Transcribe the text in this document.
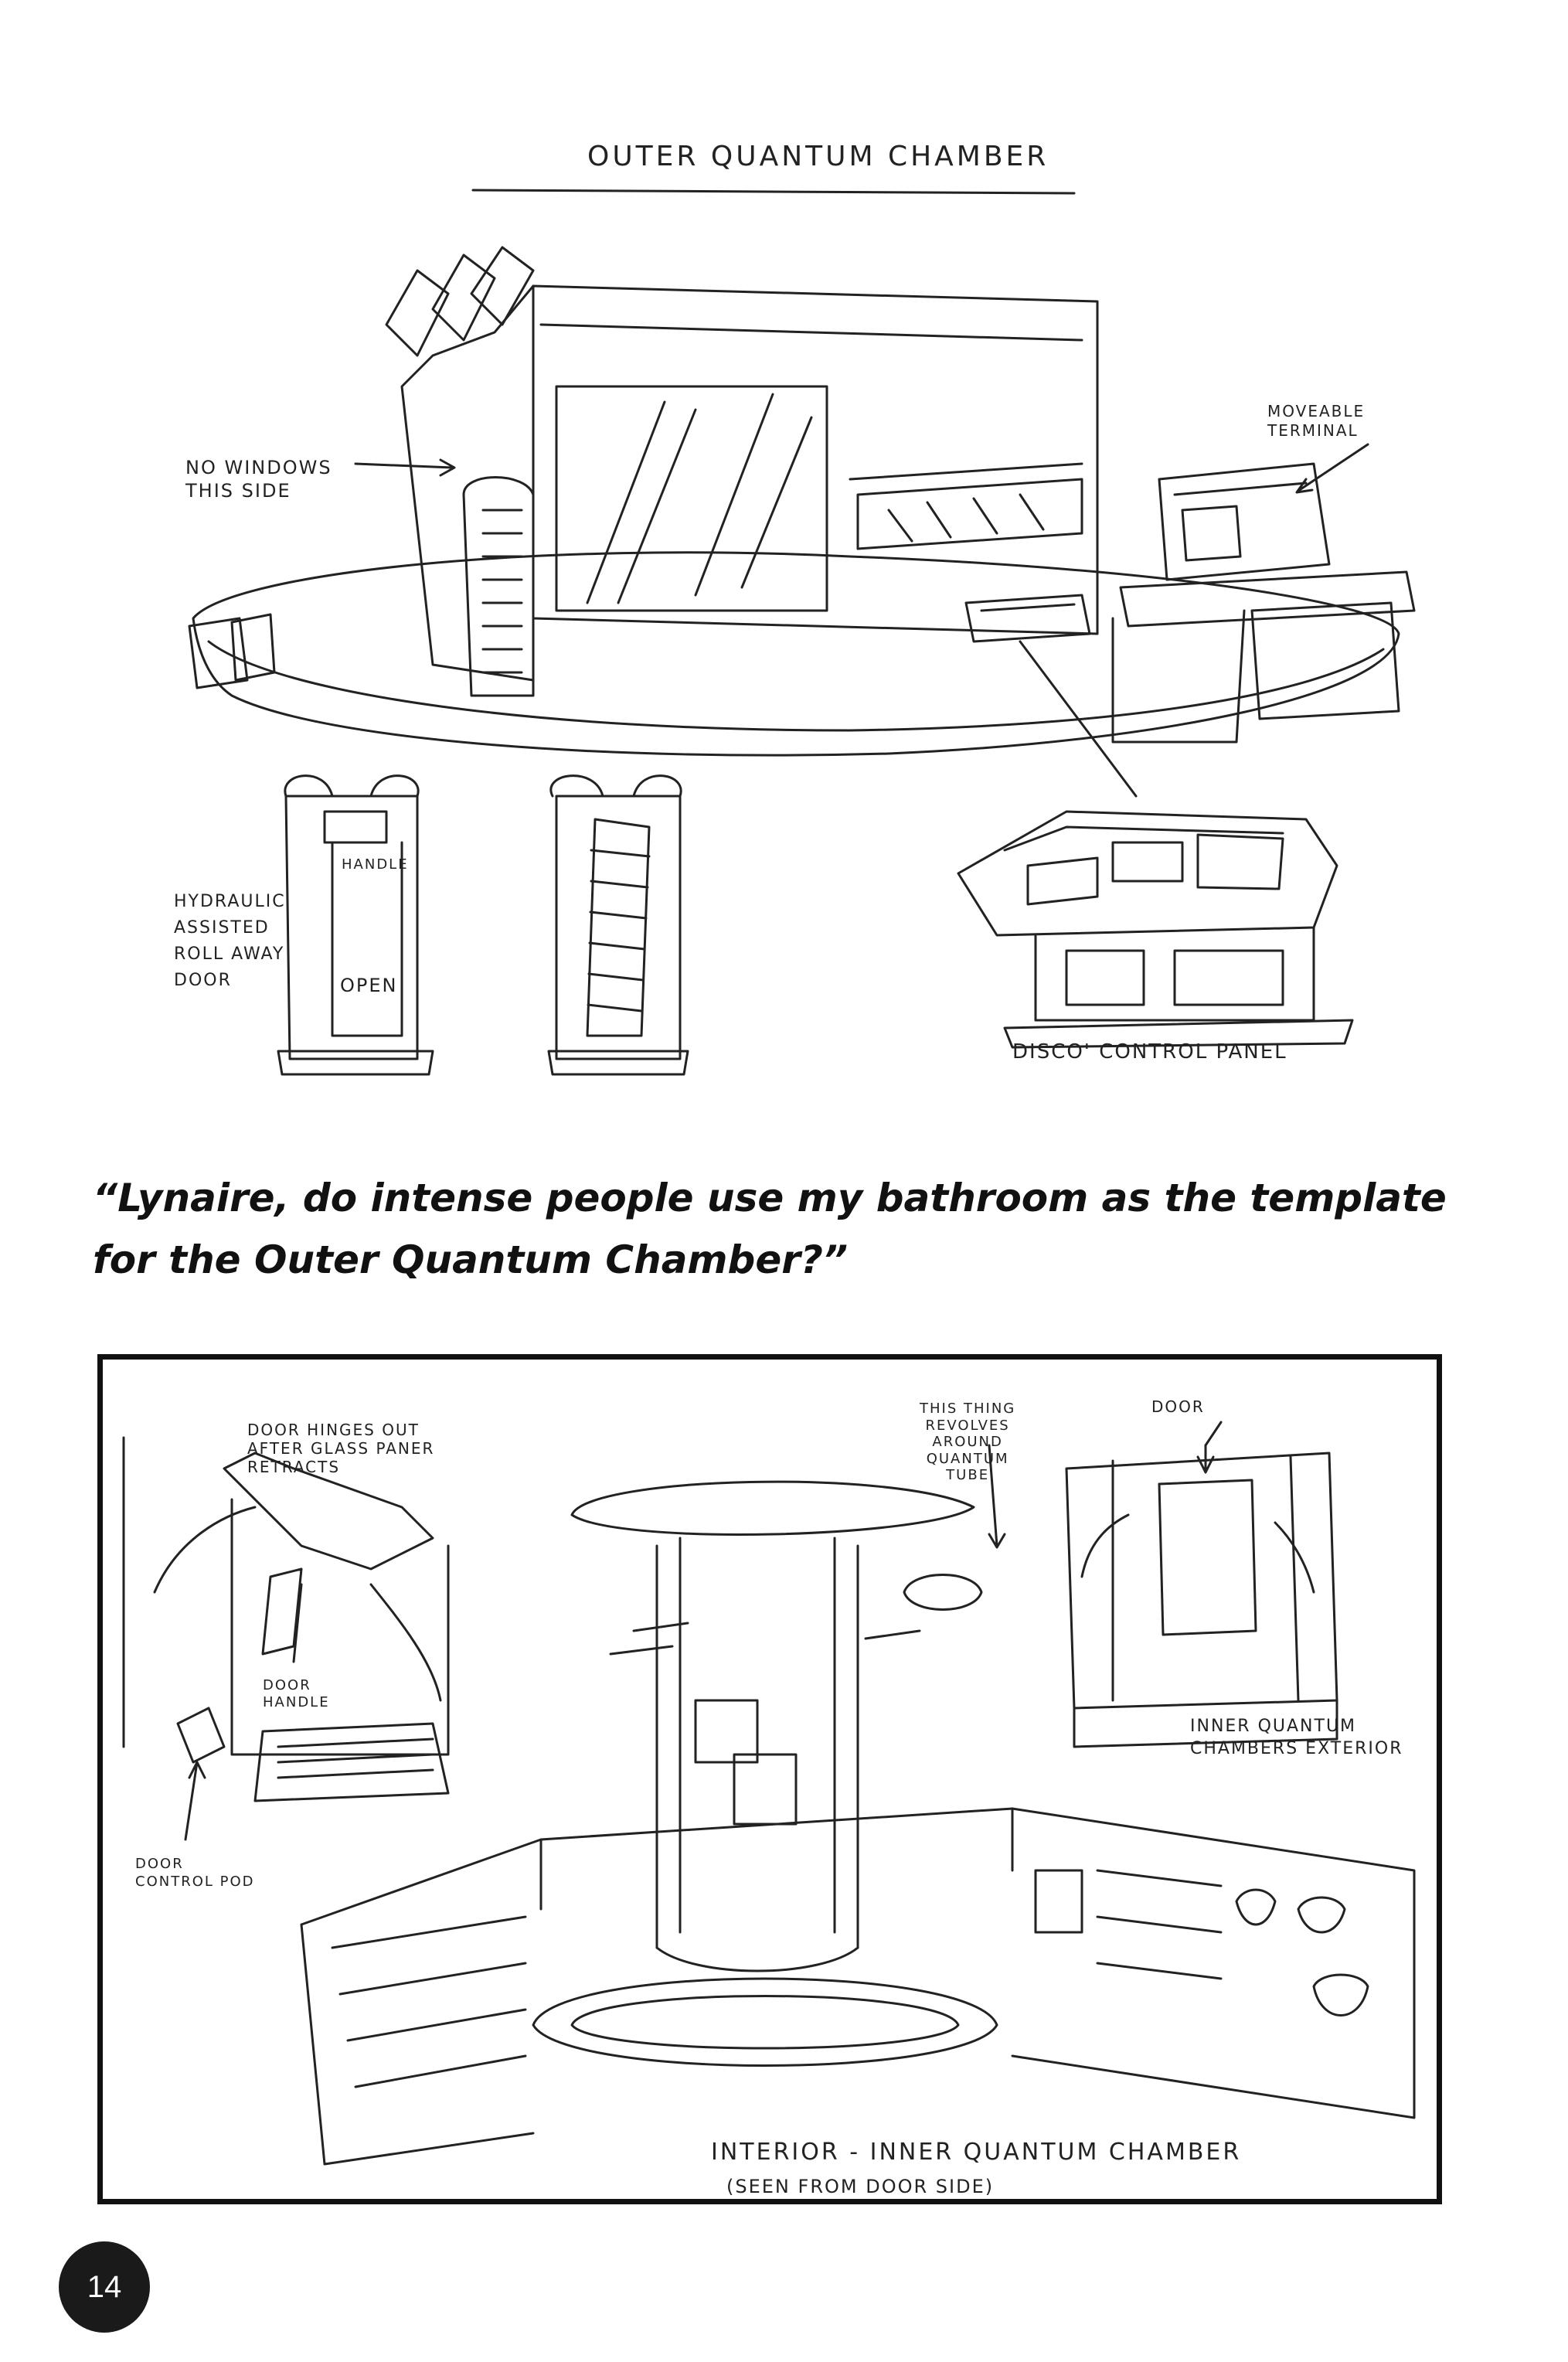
OUTER QUANTUM CHAMBER
NO WINDOWS
THIS SIDE
MOVEABLE
TERMINAL
HANDLE
HYDRAULIC
ASSISTED
ROLL AWAY
DOOR	OPEN
DISCO' CONTROL PANEL
“Lynaire, do intense people use my bathroom as the template for the Outer Quantum Chamber?”
DOOR HINGES OUT
AFTER GLASS PANER
RETRACTS
THIS THING
REVOLVES
AROUND
QUANTUM
TUBE
DOOR
DOOR
HANDLE
INNER QUANTUM
CHAMBERS EXTERIOR
DOOR
CONTROL POD
INTERIOR - INNER QUANTUM CHAMBER
(SEEN FROM DOOR SIDE)
14
